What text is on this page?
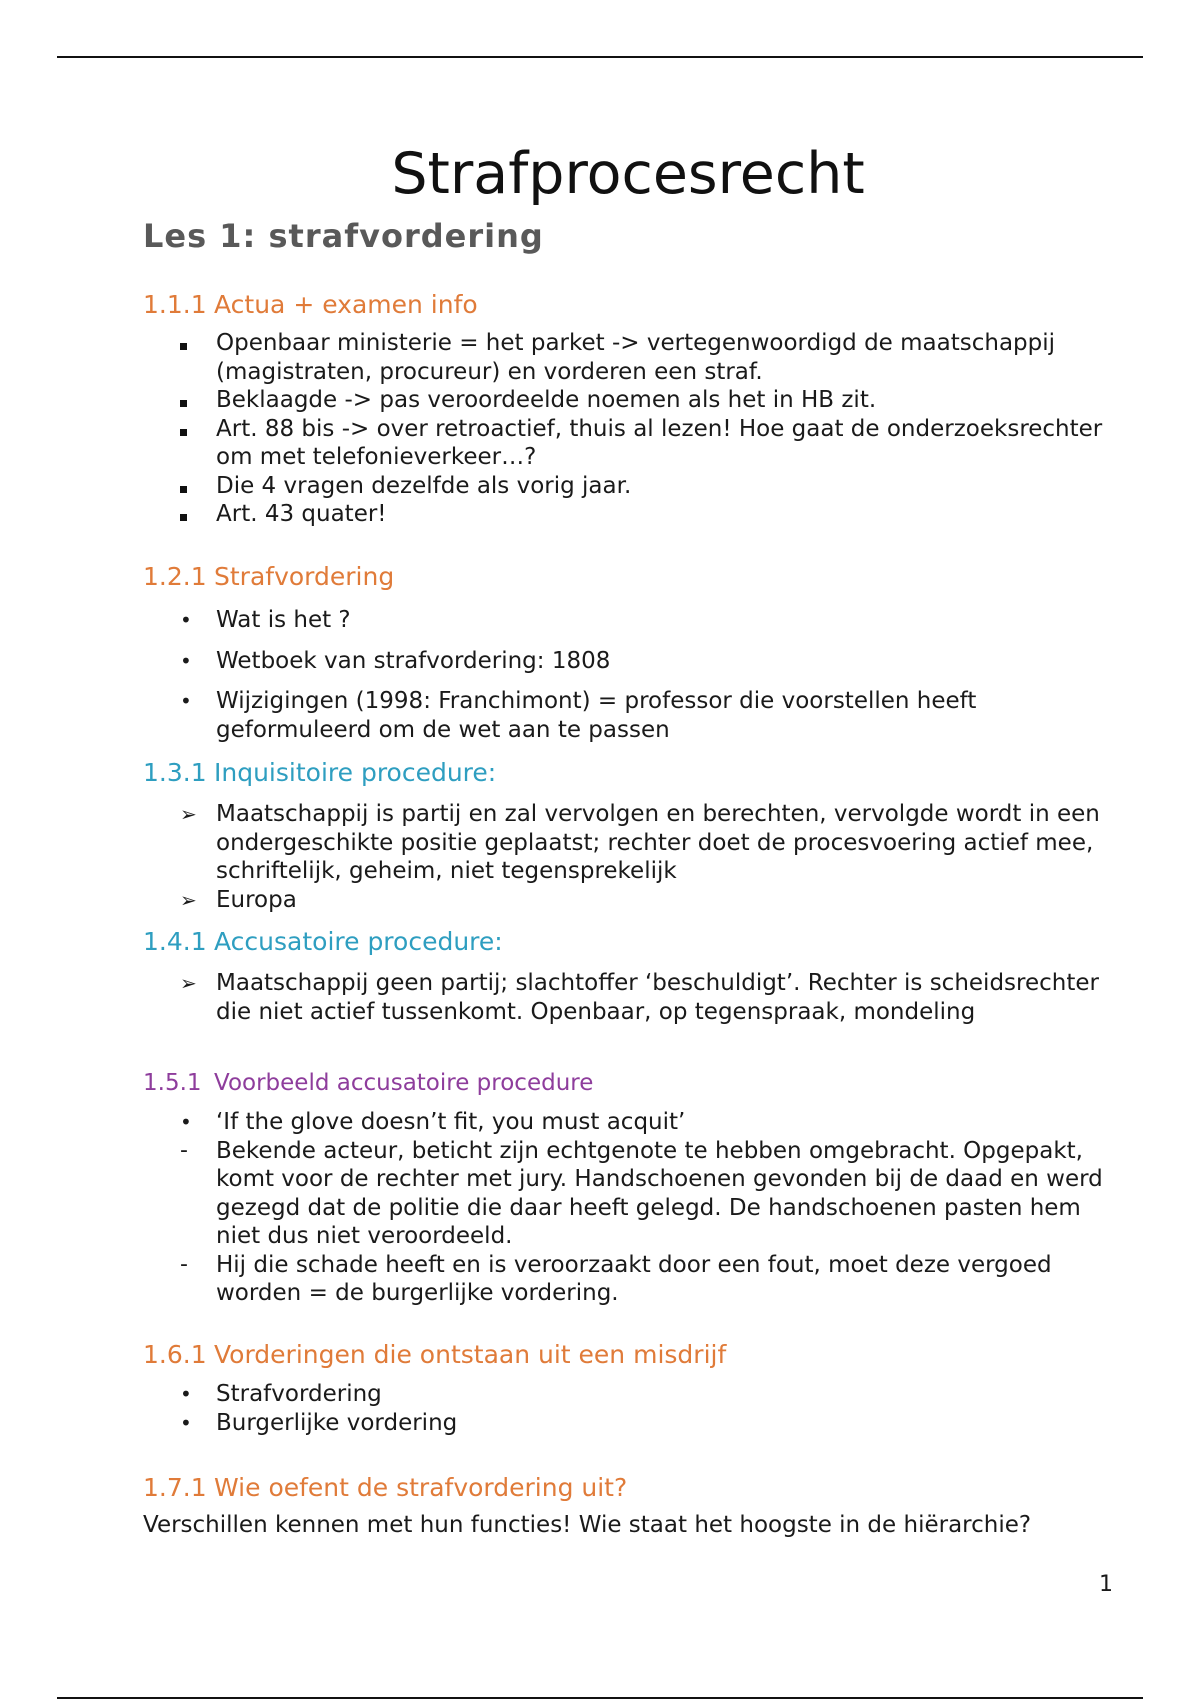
Strafprocesrecht
Les 1: strafvordering
1.1.1 Actua + examen info
Openbaar ministerie = het parket -> vertegenwoordigd de maatschappij (magistraten, procureur) en vorderen een straf.
Beklaagde -> pas veroordeelde noemen als het in HB zit.
Art. 88 bis -> over retroactief, thuis al lezen! Hoe gaat de onderzoeksrechter om met telefonieverkeer…?
Die 4 vragen dezelfde als vorig jaar.
Art. 43 quater!
1.2.1 Strafvordering
•	Wat is het ?
•	Wetboek van strafvordering: 1808
•	Wijzigingen (1998: Franchimont) = professor die voorstellen heeft geformuleerd om de wet aan te passen
1.3.1 Inquisitoire procedure:
➢ Maatschappij is partij en zal vervolgen en berechten, vervolgde wordt in een ondergeschikte positie geplaatst; rechter doet de procesvoering actief mee, schriftelijk, geheim, niet tegensprekelijk
➢ Europa
1.4.1 Accusatoire procedure:
➢ Maatschappij geen partij; slachtoffer ‘beschuldigt’. Rechter is scheidsrechter die niet actief tussenkomt. Openbaar, op tegenspraak, mondeling
1.5.1 Voorbeeld accusatoire procedure
•	‘If the glove doesn’t fit, you must acquit’
-	Bekende acteur, beticht zijn echtgenote te hebben omgebracht. Opgepakt, komt voor de rechter met jury. Handschoenen gevonden bij de daad en werd gezegd dat de politie die daar heeft gelegd. De handschoenen pasten hem niet dus niet veroordeeld.
-	Hij die schade heeft en is veroorzaakt door een fout, moet deze vergoed worden = de burgerlijke vordering.
1.6.1 Vorderingen die ontstaan uit een misdrijf
•	Strafvordering
•	Burgerlijke vordering
1.7.1 Wie oefent de strafvordering uit?
Verschillen kennen met hun functies! Wie staat het hoogste in de hiërarchie?
1
